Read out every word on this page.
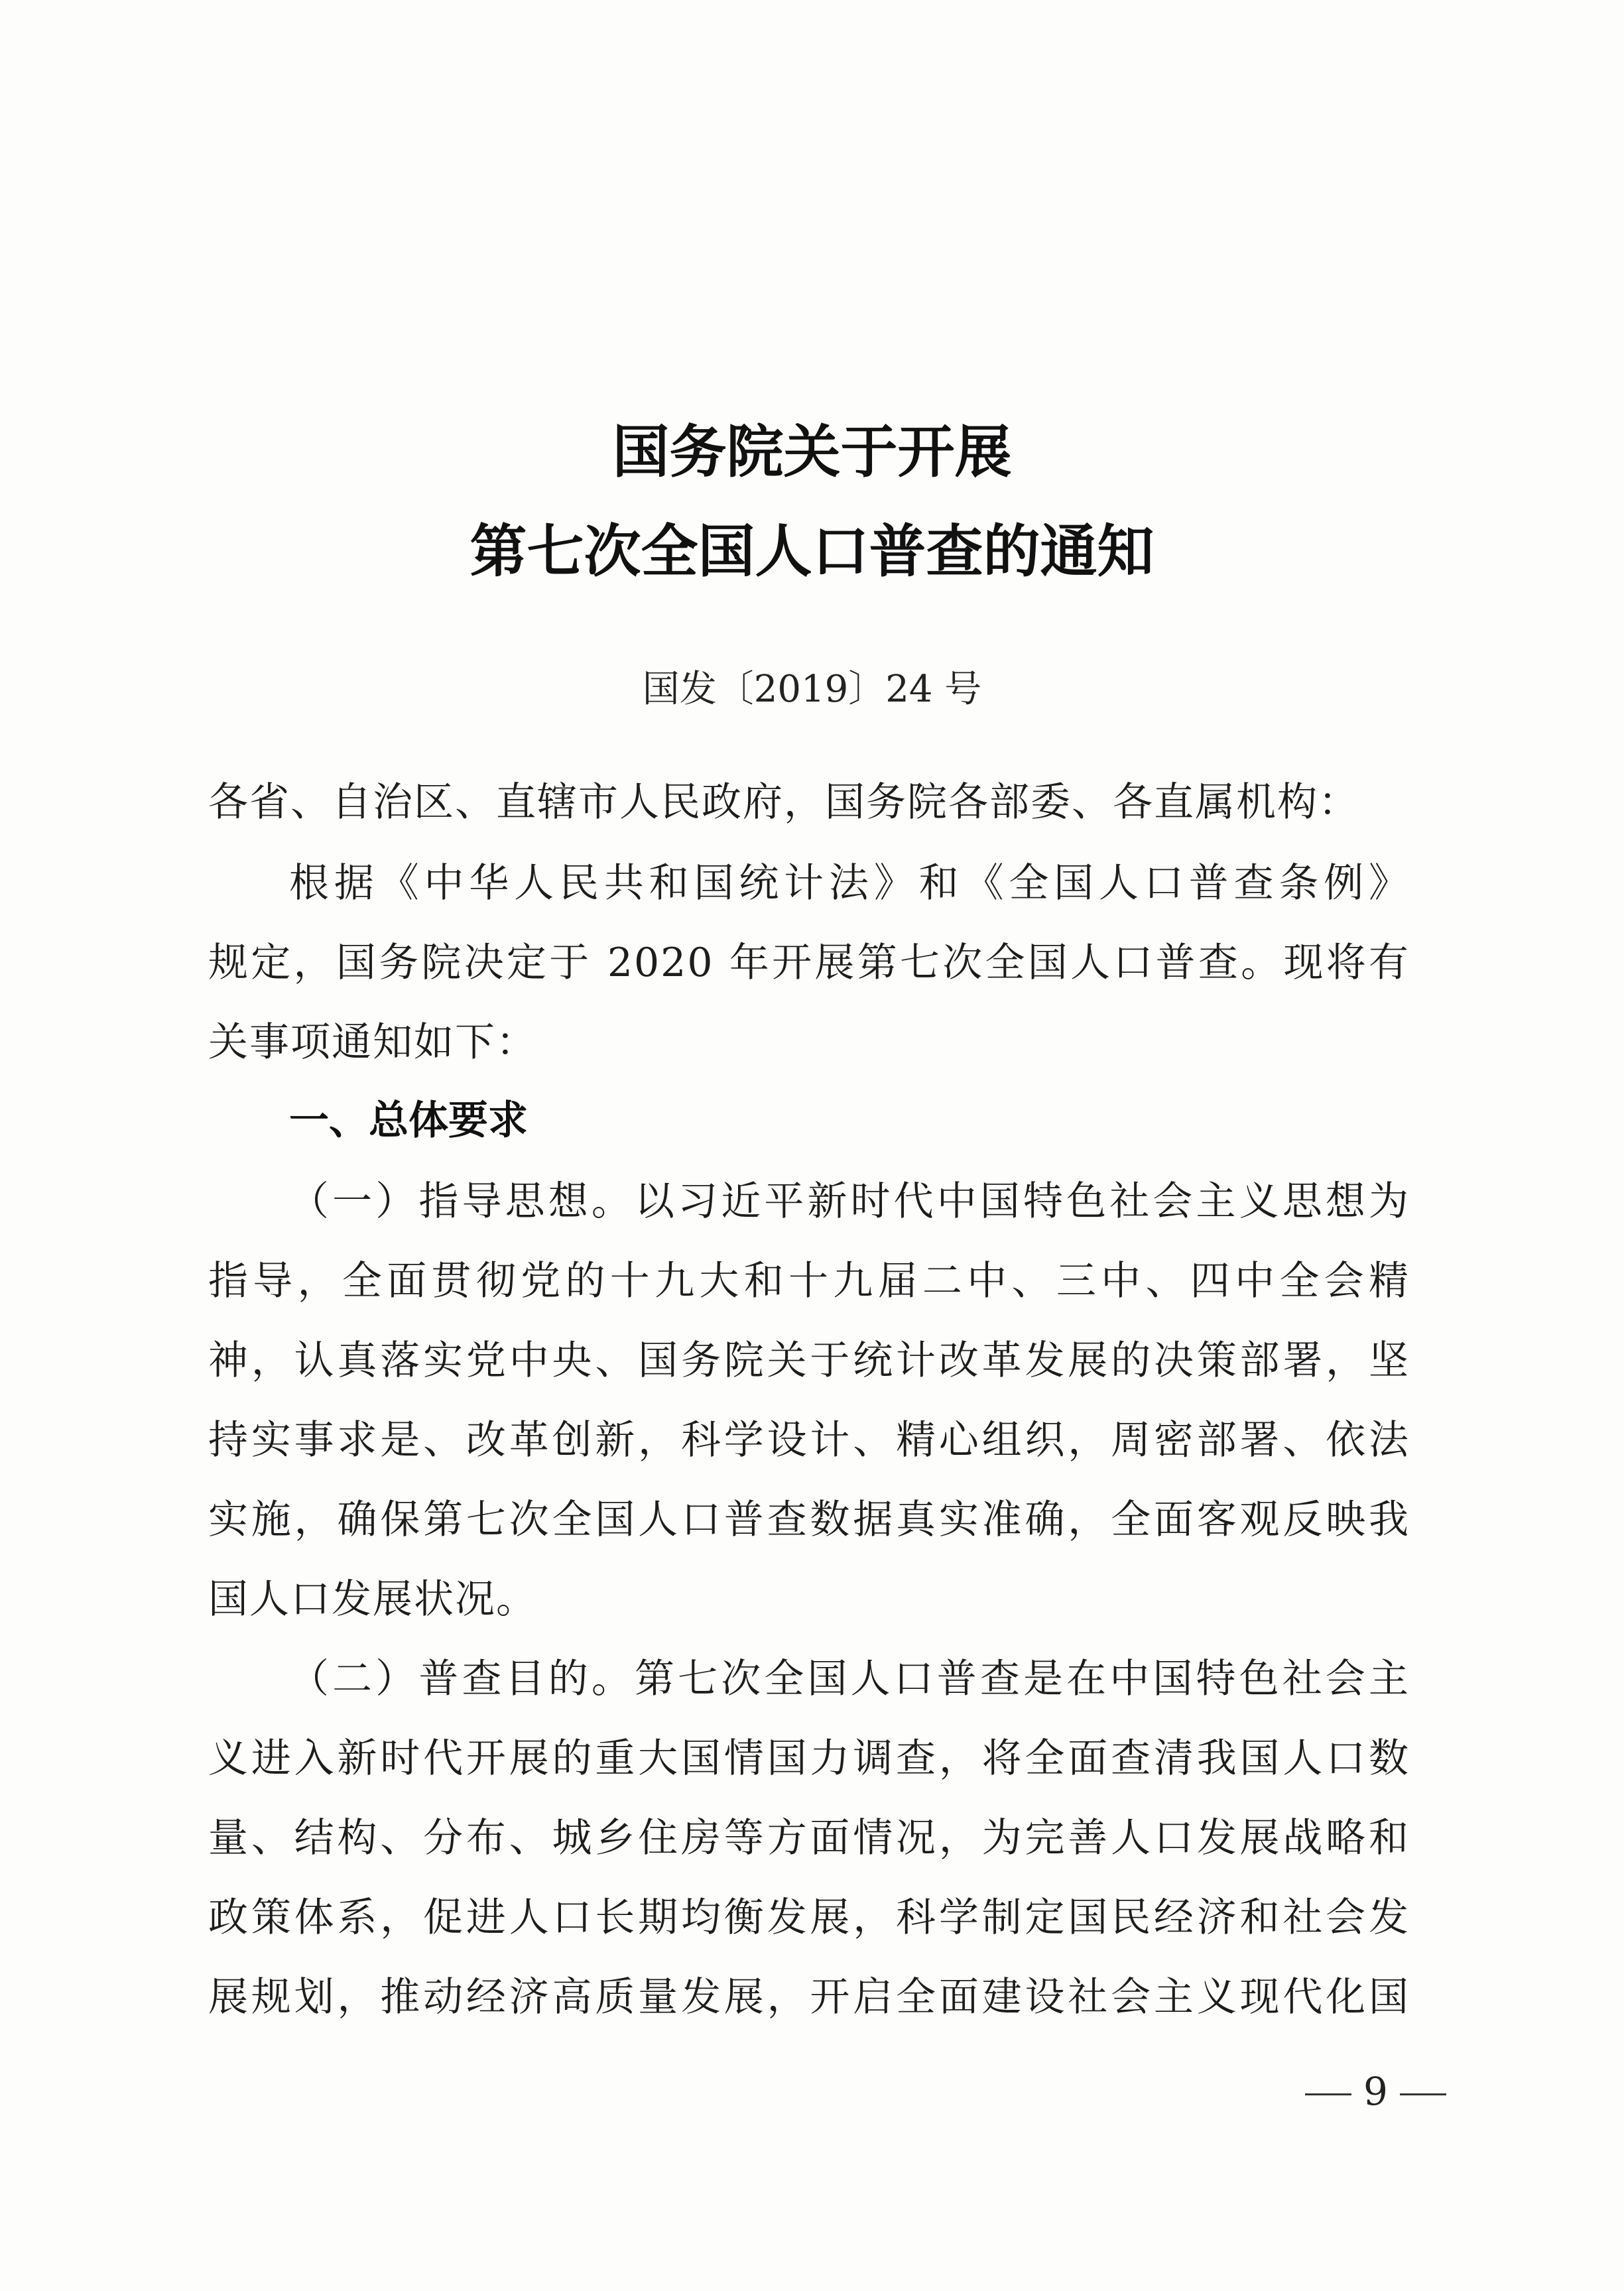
国务院关于开展
第七次全国人口普查的通知
国发〔2019〕24 号
各省、自治区、直辖市人民政府，国务院各部委、各直属机构：
根据《中华人民共和国统计法》和《全国人口普查条例》
规定，国务院决定于 2020 年开展第七次全国人口普查。现将有
关事项通知如下：
一、总体要求
（一）指导思想。以习近平新时代中国特色社会主义思想为
指导，全面贯彻党的十九大和十九届二中、三中、四中全会精
神，认真落实党中央、国务院关于统计改革发展的决策部署，坚
持实事求是、改革创新，科学设计、精心组织，周密部署、依法
实施，确保第七次全国人口普查数据真实准确，全面客观反映我
国人口发展状况。
（二）普查目的。第七次全国人口普查是在中国特色社会主
义进入新时代开展的重大国情国力调查，将全面查清我国人口数
量、结构、分布、城乡住房等方面情况，为完善人口发展战略和
政策体系，促进人口长期均衡发展，科学制定国民经济和社会发
展规划，推动经济高质量发展，开启全面建设社会主义现代化国
9
